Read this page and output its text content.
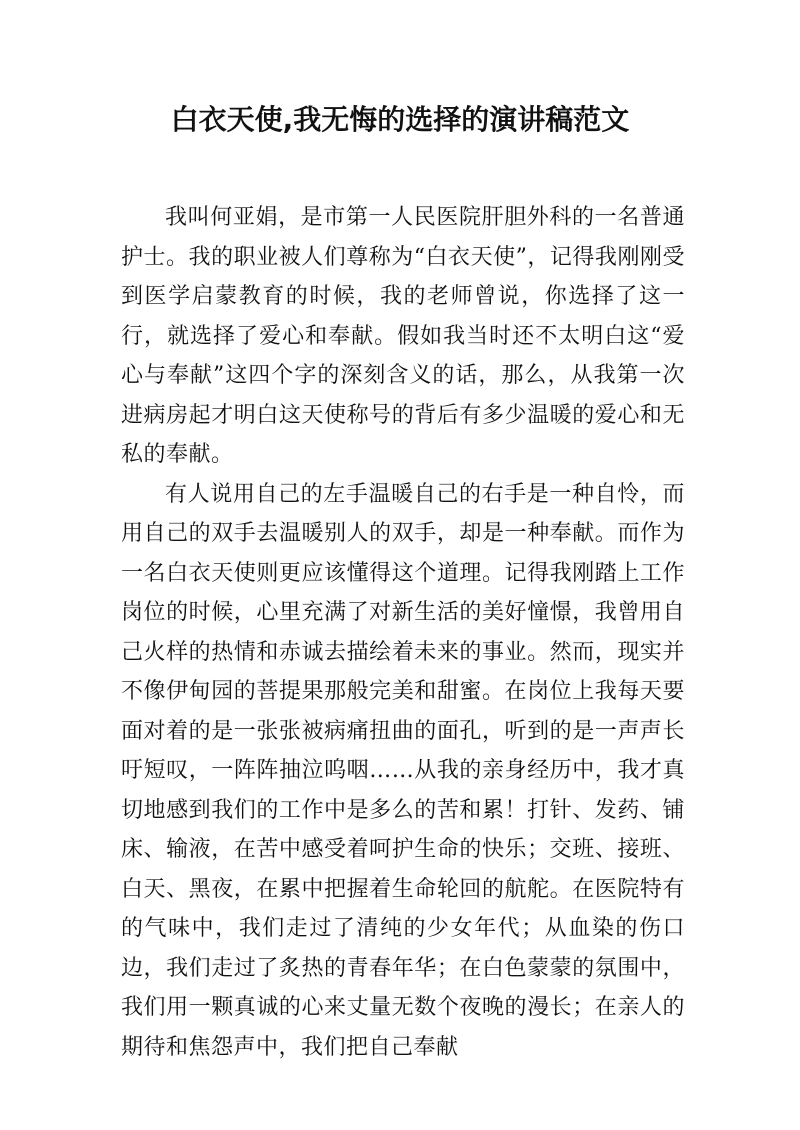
白衣天使,我无悔的选择的演讲稿范文

我叫何亚娟，是市第一人民医院肝胆外科的一名普通护士。我的职业被人们尊称为“白衣天使”，记得我刚刚受到医学启蒙教育的时候，我的老师曾说，你选择了这一行，就选择了爱心和奉献。假如我当时还不太明白这“爱心与奉献”这四个字的深刻含义的话，那么，从我第一次进病房起才明白这天使称号的背后有多少温暖的爱心和无私的奉献。

有人说用自己的左手温暖自己的右手是一种自怜，而用自己的双手去温暖别人的双手，却是一种奉献。而作为一名白衣天使则更应该懂得这个道理。记得我刚踏上工作岗位的时候，心里充满了对新生活的美好憧憬，我曾用自己火样的热情和赤诚去描绘着未来的事业。然而，现实并不像伊甸园的菩提果那般完美和甜蜜。在岗位上我每天要面对着的是一张张被病痛扭曲的面孔，听到的是一声声长吁短叹，一阵阵抽泣呜咽……从我的亲身经历中，我才真切地感到我们的工作中是多么的苦和累！打针、发药、铺床、输液，在苦中感受着呵护生命的快乐；交班、接班、白天、黑夜，在累中把握着生命轮回的航舵。在医院特有的气味中，我们走过了清纯的少女年代；从血染的伤口边，我们走过了炙热的青春年华；在白色蒙蒙的氛围中，我们用一颗真诚的心来丈量无数个夜晚的漫长；在亲人的期待和焦怨声中，我们把自己奉献
